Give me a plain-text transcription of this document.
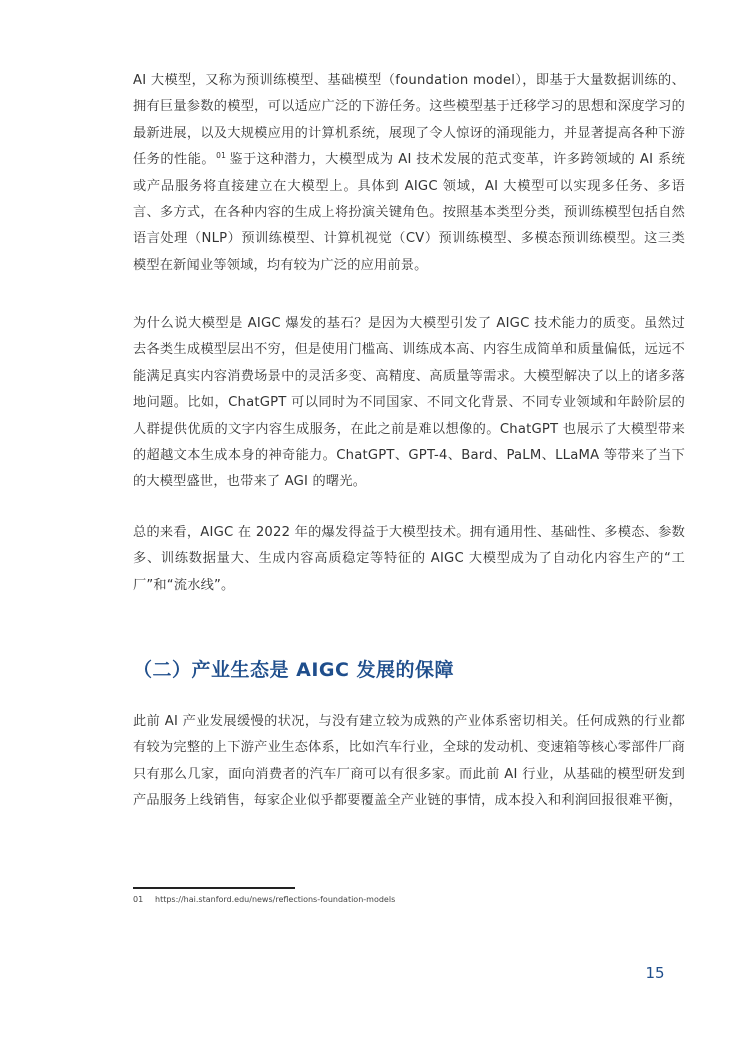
AI 大模型，又称为预训练模型、基础模型（foundation model），即基于大量数据训练的、拥有巨量参数的模型，可以适应广泛的下游任务。这些模型基于迁移学习的思想和深度学习的最新进展，以及大规模应用的计算机系统，展现了令人惊讶的涌现能力，并显著提高各种下游任务的性能。$^{01}$ 鉴于这种潜力，大模型成为 AI 技术发展的范式变革，许多跨领域的 AI 系统或产品服务将直接建立在大模型上。具体到 AIGC 领域，AI 大模型可以实现多任务、多语言、多方式，在各种内容的生成上将扮演关键角色。按照基本类型分类，预训练模型包括自然语言处理（NLP）预训练模型、计算机视觉（CV）预训练模型、多模态预训练模型。这三类模型在新闻业等领域，均有较为广泛的应用前景。

为什么说大模型是 AIGC 爆发的基石？是因为大模型引发了 AIGC 技术能力的质变。虽然过去各类生成模型层出不穷，但是使用门槛高、训练成本高、内容生成简单和质量偏低，远远不能满足真实内容消费场景中的灵活多变、高精度、高质量等需求。大模型解决了以上的诸多落地问题。比如，ChatGPT 可以同时为不同国家、不同文化背景、不同专业领域和年龄阶层的人群提供优质的文字内容生成服务，在此之前是难以想像的。ChatGPT 也展示了大模型带来的超越文本生成本身的神奇能力。ChatGPT、GPT-4、Bard、PaLM、LLaMA 等带来了当下的大模型盛世，也带来了 AGI 的曙光。

总的来看，AIGC 在 2022 年的爆发得益于大模型技术。拥有通用性、基础性、多模态、参数多、训练数据量大、生成内容高质稳定等特征的 AIGC 大模型成为了自动化内容生产的“工厂”和“流水线”。

（二）产业生态是 AIGC 发展的保障

此前 AI 产业发展缓慢的状况，与没有建立较为成熟的产业体系密切相关。任何成熟的行业都有较为完整的上下游产业生态体系，比如汽车行业，全球的发动机、变速箱等核心零部件厂商只有那么几家，面向消费者的汽车厂商可以有很多家。而此前 AI 行业，从基础的模型研发到产品服务上线销售，每家企业似乎都要覆盖全产业链的事情，成本投入和利润回报很难平衡，

01 https://hai.stanford.edu/news/reflections-foundation-models
15
